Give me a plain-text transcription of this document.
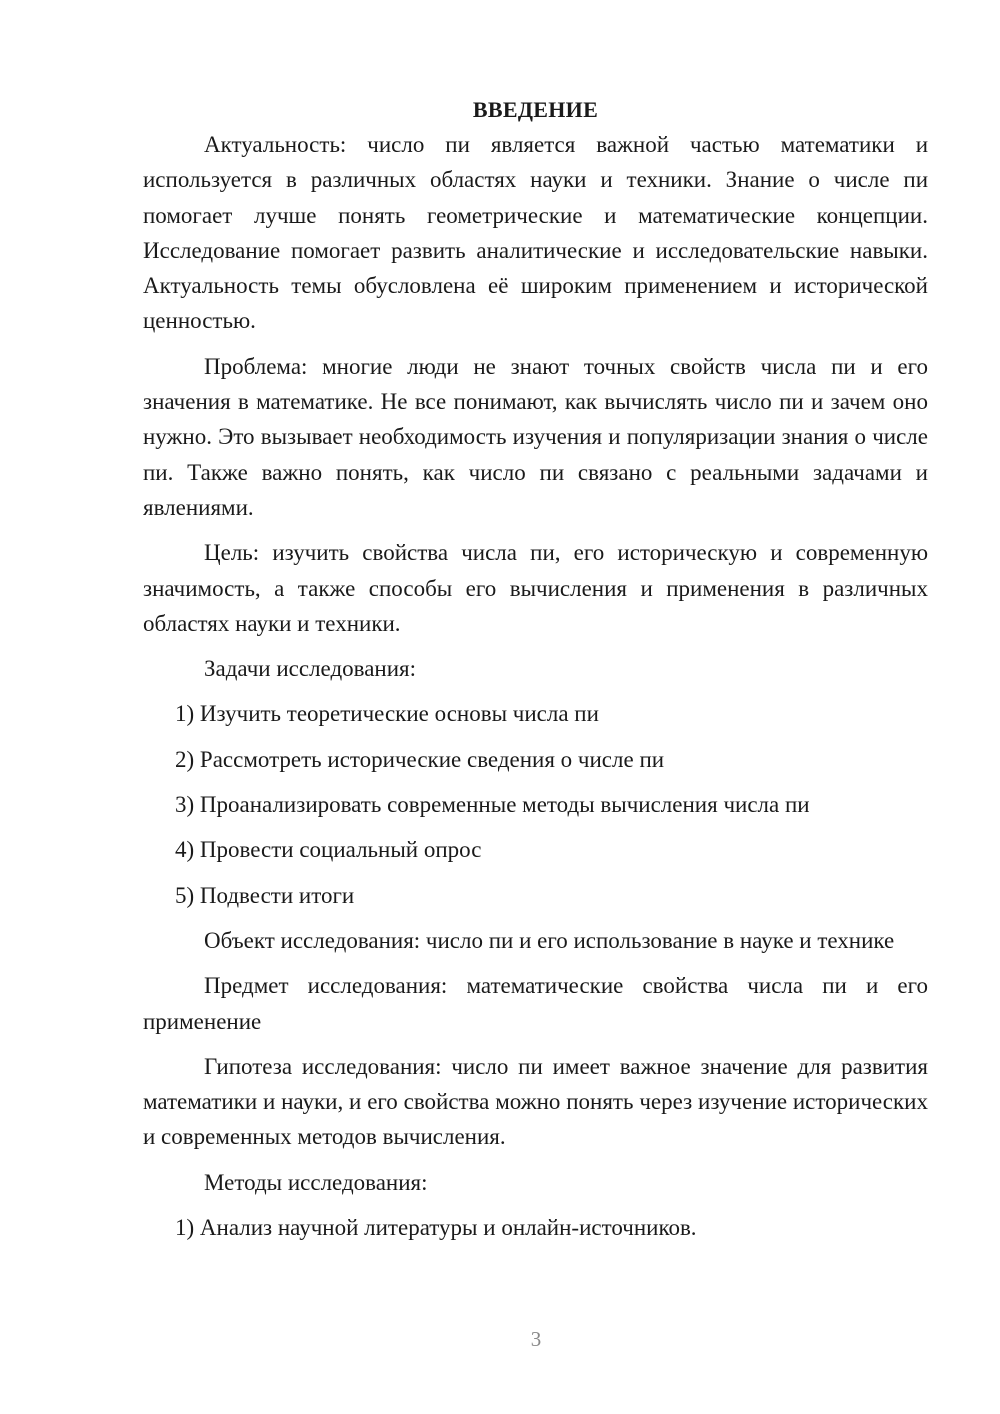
ВВЕДЕНИЕ

Актуальность: число пи является важной частью математики и используется в различных областях науки и техники. Знание о числе пи помогает лучше понять геометрические и математические концепции. Исследование помогает развить аналитические и исследовательские навыки. Актуальность темы обусловлена её широким применением и исторической ценностью.

Проблема: многие люди не знают точных свойств числа пи и его значения в математике. Не все понимают, как вычислять число пи и зачем оно нужно. Это вызывает необходимость изучения и популяризации знания о числе пи. Также важно понять, как число пи связано с реальными задачами и явлениями.

Цель: изучить свойства числа пи, его историческую и современную значимость, а также способы его вычисления и применения в различных областях науки и техники.

Задачи исследования:

1) Изучить теоретические основы числа пи
2) Рассмотреть исторические сведения о числе пи
3) Проанализировать современные методы вычисления числа пи
4) Провести социальный опрос
5) Подвести итоги

Объект исследования: число пи и его использование в науке и технике

Предмет исследования: математические свойства числа пи и его применение

Гипотеза исследования: число пи имеет важное значение для развития математики и науки, и его свойства можно понять через изучение исторических и современных методов вычисления.

Методы исследования:

1) Анализ научной литературы и онлайн-источников.
3
